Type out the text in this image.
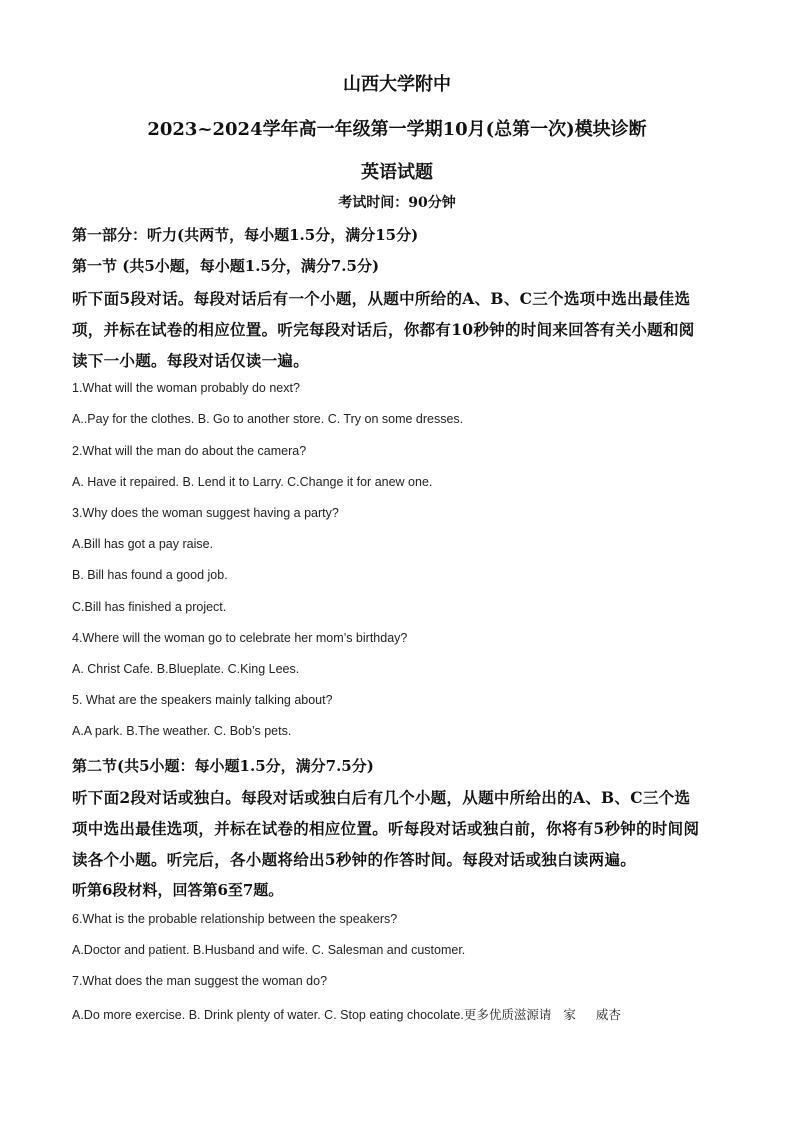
山西大学附中
2023~2024学年高一年级第一学期10月(总第一次)模块诊断
英语试题
考试时间：90分钟
第一部分：听力(共两节，每小题1.5分，满分15分)
第一节 (共5小题，每小题1.5分，满分7.5分)
听下面5段对话。每段对话后有一个小题，从题中所给的A、B、C三个选项中选出最佳选
项，并标在试卷的相应位置。听完每段对话后，你都有10秒钟的时间来回答有关小题和阅
读下一小题。每段对话仅读一遍。
1.What will the woman probably do next?
A..Pay for the clothes. B. Go to another store. C. Try on some dresses.
2.What will the man do about the camera?
A. Have it repaired. B. Lend it to Larry. C.Change it for anew one.
3.Why does the woman suggest having a party?
A.Bill has got a pay raise.
B. Bill has found a good job.
C.Bill has finished a project.
4.Where will the woman go to celebrate her mom’s birthday?
A. Christ Cafe. B.Blueplate. C.King Lees.
5. What are the speakers mainly talking about?
A.A park. B.The weather. C. Bob’s pets.
第二节(共5小题：每小题1.5分，满分7.5分)
听下面2段对话或独白。每段对话或独白后有几个小题，从题中所给出的A、B、C三个选
项中选出最佳选项，并标在试卷的相应位置。听每段对话或独白前，你将有5秒钟的时间阅
读各个小题。听完后，各小题将给出5秒钟的作答时间。每段对话或独白读两遍。
听第6段材料，回答第6至7题。
6.What is the probable relationship between the speakers?
A.Doctor and patient. B.Husband and wife. C. Salesman and customer.
7.What does the man suggest the woman do?
A.Do more exercise. B. Drink plenty of water. C. Stop eating chocolate.更多优质滋源请 家 威杏
